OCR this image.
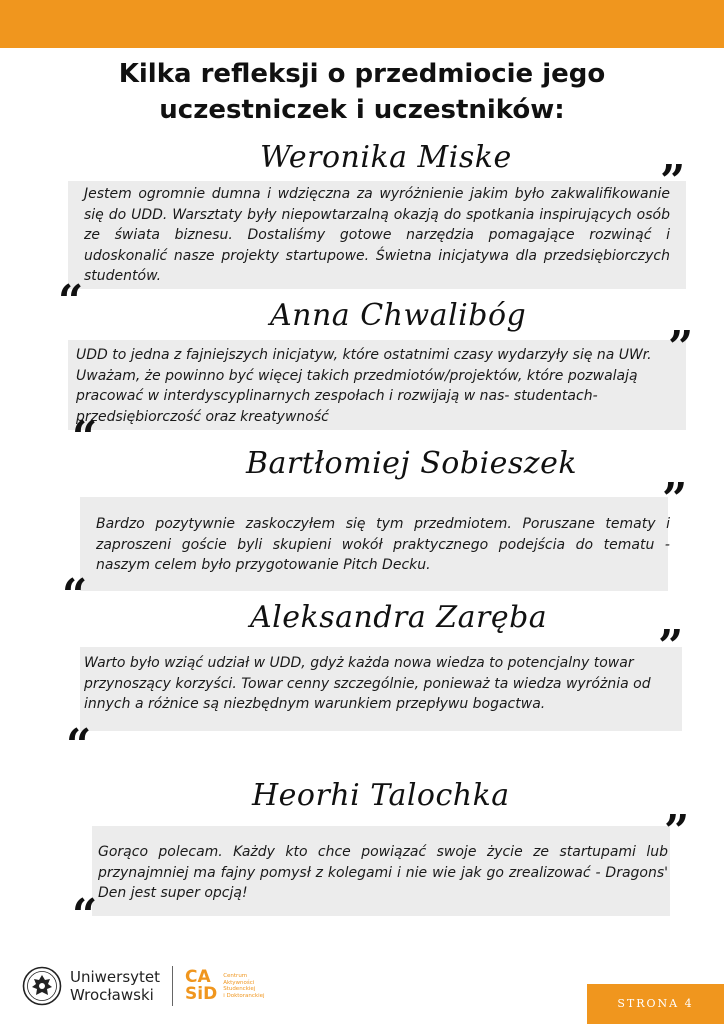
Kilka refleksji o przedmiocie jego
uczestniczek i uczestników:
Weronika Miske
Jestem ogromnie dumna i wdzięczna za wyróżnienie jakim było zakwalifikowanie się do UDD. Warsztaty były niepowtarzalną okazją do spotkania inspirujących osób ze świata biznesu. Dostaliśmy gotowe narzędzia pomagające rozwinąć i udoskonalić nasze projekty startupowe. Świetna inicjatywa dla przedsiębiorczych studentów.
”
“	Anna Chwalibóg
UDD to jedna z fajniejszych inicjatyw, które ostatnimi czasy wydarzyły się na UWr. Uważam, że powinno być więcej takich przedmiotów/projektów, które pozwalają pracować w interdyscyplinarnych zespołach i rozwijają w nas- studentach- przedsiębiorczość oraz kreatywność
”
“
Bartłomiej Sobieszek
Bardzo pozytywnie zaskoczyłem się tym przedmiotem. Poruszane tematy i zaproszeni goście byli skupieni wokół praktycznego podejścia do tematu - naszym celem było przygotowanie Pitch Decku.
”
“	Aleksandra Zaręba
Warto było wziąć udział w UDD, gdyż każda nowa wiedza to potencjalny towar przynoszący korzyści. Towar cenny szczególnie, ponieważ ta wiedza wyróżnia od innych a różnice są niezbędnym warunkiem przepływu bogactwa.
”
“
Heorhi Talochka
Gorąco polecam. Każdy kto chce powiązać swoje życie ze startupami lub przynajmniej ma fajny pomysł z kolegami i nie wie jak go zrealizować - Dragons' Den jest super opcją!
”
“
Uniwersytet
Wrocławski
CA
SiD
Centrum
Aktywności
Studenckiej
i Doktoranckiej
STRONA 4
